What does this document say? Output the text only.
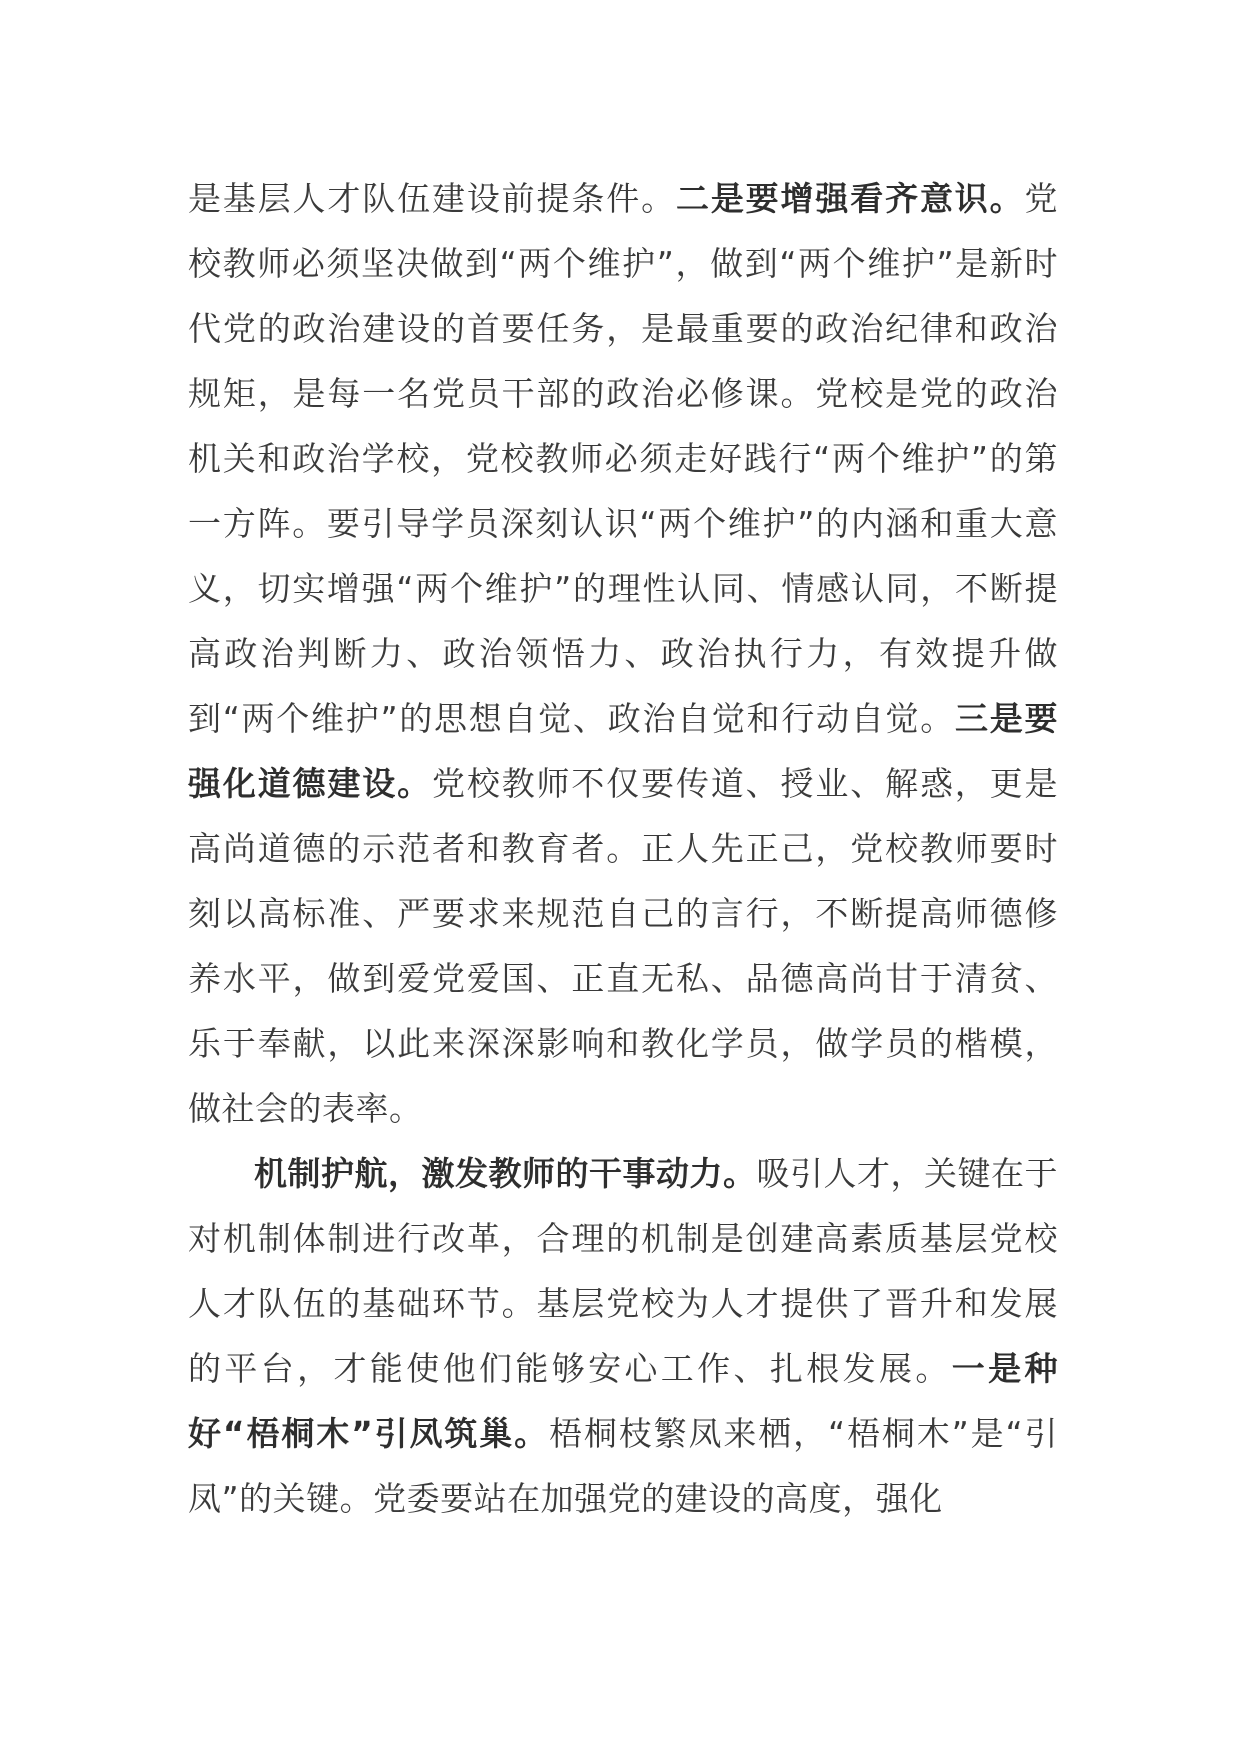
是基层人才队伍建设前提条件。二是要增强看齐意识。党校教师必须坚决做到“两个维护”，做到“两个维护”是新时代党的政治建设的首要任务，是最重要的政治纪律和政治规矩，是每一名党员干部的政治必修课。党校是党的政治机关和政治学校，党校教师必须走好践行“两个维护”的第一方阵。要引导学员深刻认识“两个维护”的内涵和重大意义，切实增强“两个维护”的理性认同、情感认同，不断提高政治判断力、政治领悟力、政治执行力，有效提升做到“两个维护”的思想自觉、政治自觉和行动自觉。三是要强化道德建设。党校教师不仅要传道、授业、解惑，更是高尚道德的示范者和教育者。正人先正己，党校教师要时刻以高标准、严要求来规范自己的言行，不断提高师德修养水平，做到爱党爱国、正直无私、品德高尚甘于清贫、乐于奉献，以此来深深影响和教化学员，做学员的楷模，做社会的表率。

机制护航，激发教师的干事动力。吸引人才，关键在于对机制体制进行改革，合理的机制是创建高素质基层党校人才队伍的基础环节。基层党校为人才提供了晋升和发展的平台，才能使他们能够安心工作、扎根发展。一是种好“梧桐木”引凤筑巢。梧桐枝繁凤来栖，“梧桐木”是“引凤”的关键。党委要站在加强党的建设的高度，强化
